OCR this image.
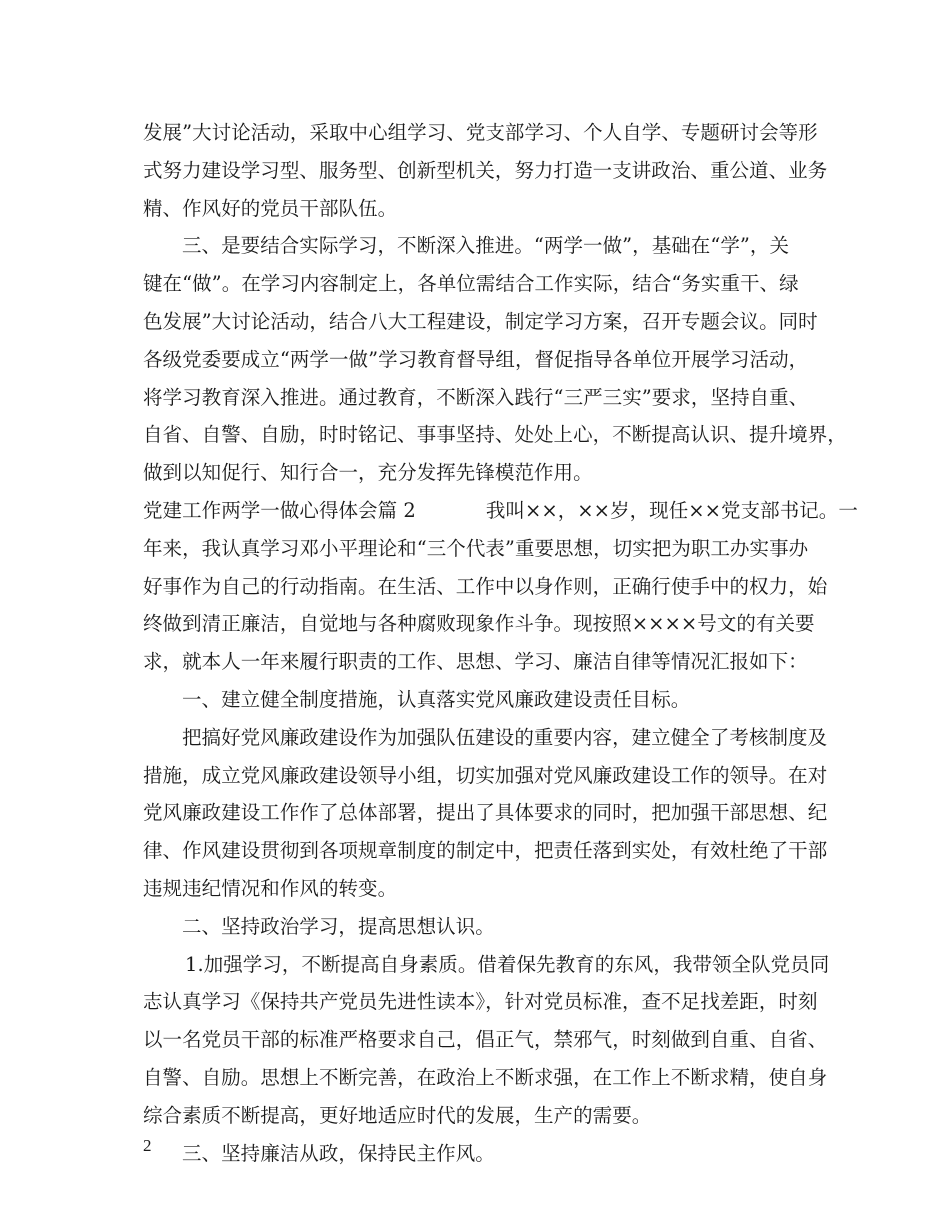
发展”大讨论活动，采取中心组学习、党支部学习、个人自学、专题研讨会等形
式努力建设学习型、服务型、创新型机关，努力打造一支讲政治、重公道、业务
精、作风好的党员干部队伍。
三、是要结合实际学习，不断深入推进。“两学一做”，基础在“学”，关
键在“做”。在学习内容制定上，各单位需结合工作实际，结合“务实重干、绿
色发展”大讨论活动，结合八大工程建设，制定学习方案，召开专题会议。同时
各级党委要成立“两学一做”学习教育督导组，督促指导各单位开展学习活动，
将学习教育深入推进。通过教育，不断深入践行“三严三实”要求，坚持自重、
自省、自警、自励，时时铭记、事事坚持、处处上心，不断提高认识、提升境界，
做到以知促行、知行合一，充分发挥先锋模范作用。
党建工作两学一做心得体会篇 2	我叫××，××岁，现任××党支部书记。一
年来，我认真学习邓小平理论和“三个代表”重要思想，切实把为职工办实事办
好事作为自己的行动指南。在生活、工作中以身作则，正确行使手中的权力，始
终做到清正廉洁，自觉地与各种腐败现象作斗争。现按照××××号文的有关要
求，就本人一年来履行职责的工作、思想、学习、廉洁自律等情况汇报如下：
一、建立健全制度措施，认真落实党风廉政建设责任目标。
把搞好党风廉政建设作为加强队伍建设的重要内容，建立健全了考核制度及
措施，成立党风廉政建设领导小组，切实加强对党风廉政建设工作的领导。在对
党风廉政建设工作作了总体部署，提出了具体要求的同时，把加强干部思想、纪
律、作风建设贯彻到各项规章制度的制定中，把责任落到实处，有效杜绝了干部
违规违纪情况和作风的转变。
二、坚持政治学习，提高思想认识。
1.加强学习，不断提高自身素质。借着保先教育的东风，我带领全队党员同
志认真学习《保持共产党员先进性读本》，针对党员标准，查不足找差距，时刻
以一名党员干部的标准严格要求自己，倡正气，禁邪气，时刻做到自重、自省、
自警、自励。思想上不断完善，在政治上不断求强，在工作上不断求精，使自身
综合素质不断提高，更好地适应时代的发展，生产的需要。
三、坚持廉洁从政，保持民主作风。
2
